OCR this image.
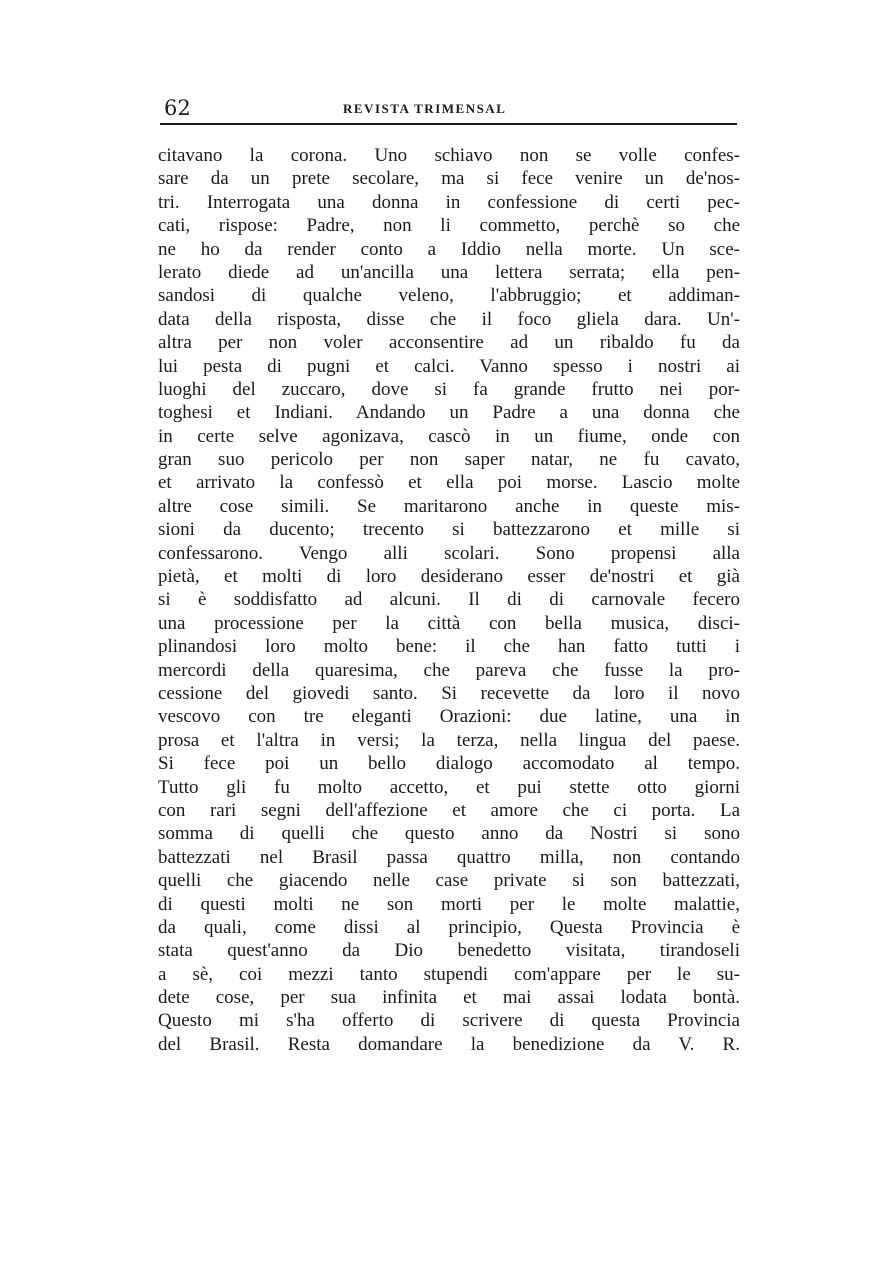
62	REVISTA TRIMENSAL
citavano la corona. Uno schiavo non se volle confes-
sare da un prete secolare, ma si fece venire un de'nos-
tri. Interrogata una donna in confessione di certi pec-
cati, rispose: Padre, non li commetto, perchè so che
ne ho da render conto a Iddio nella morte. Un sce-
lerato diede ad un'ancilla una lettera serrata; ella pen-
sandosi di qualche veleno, l'abbruggio; et addiman-
data della risposta, disse che il foco gliela dara. Un'-
altra per non voler acconsentire ad un ribaldo fu da
lui pesta di pugni et calci. Vanno spesso i nostri ai
luoghi del zuccaro, dove si fa grande frutto nei por-
toghesi et Indiani. Andando un Padre a una donna che
in certe selve agonizava, cascò in un fiume, onde con
gran suo pericolo per non saper natar, ne fu cavato,
et arrivato la confessò et ella poi morse. Lascio molte
altre cose simili. Se maritarono anche in queste mis-
sioni da ducento; trecento si battezzarono et mille si
confessarono. Vengo alli scolari. Sono propensi alla
pietà, et molti di loro desiderano esser de'nostri et già
si è soddisfatto ad alcuni. Il di di carnovale fecero
una processione per la città con bella musica, disci-
plinandosi loro molto bene: il che han fatto tutti i
mercordi della quaresima, che pareva che fusse la pro-
cessione del giovedi santo. Si recevette da loro il novo
vescovo con tre eleganti Orazioni: due latine, una in
prosa et l'altra in versi; la terza, nella lingua del paese.
Si fece poi un bello dialogo accomodato al tempo.
Tutto gli fu molto accetto, et pui stette otto giorni
con rari segni dell'affezione et amore che ci porta. La
somma di quelli che questo anno da Nostri si sono
battezzati nel Brasil passa quattro milla, non contando
quelli che giacendo nelle case private si son battezzati,
di questi molti ne son morti per le molte malattie,
da quali, come dissi al principio, Questa Provincia è
stata quest'anno da Dio benedetto visitata, tirandoseli
a sè, coi mezzi tanto stupendi com'appare per le su-
dete cose, per sua infinita et mai assai lodata bontà.
Questo mi s'ha offerto di scrivere di questa Provincia
del Brasil. Resta domandare la benedizione da V. R.
